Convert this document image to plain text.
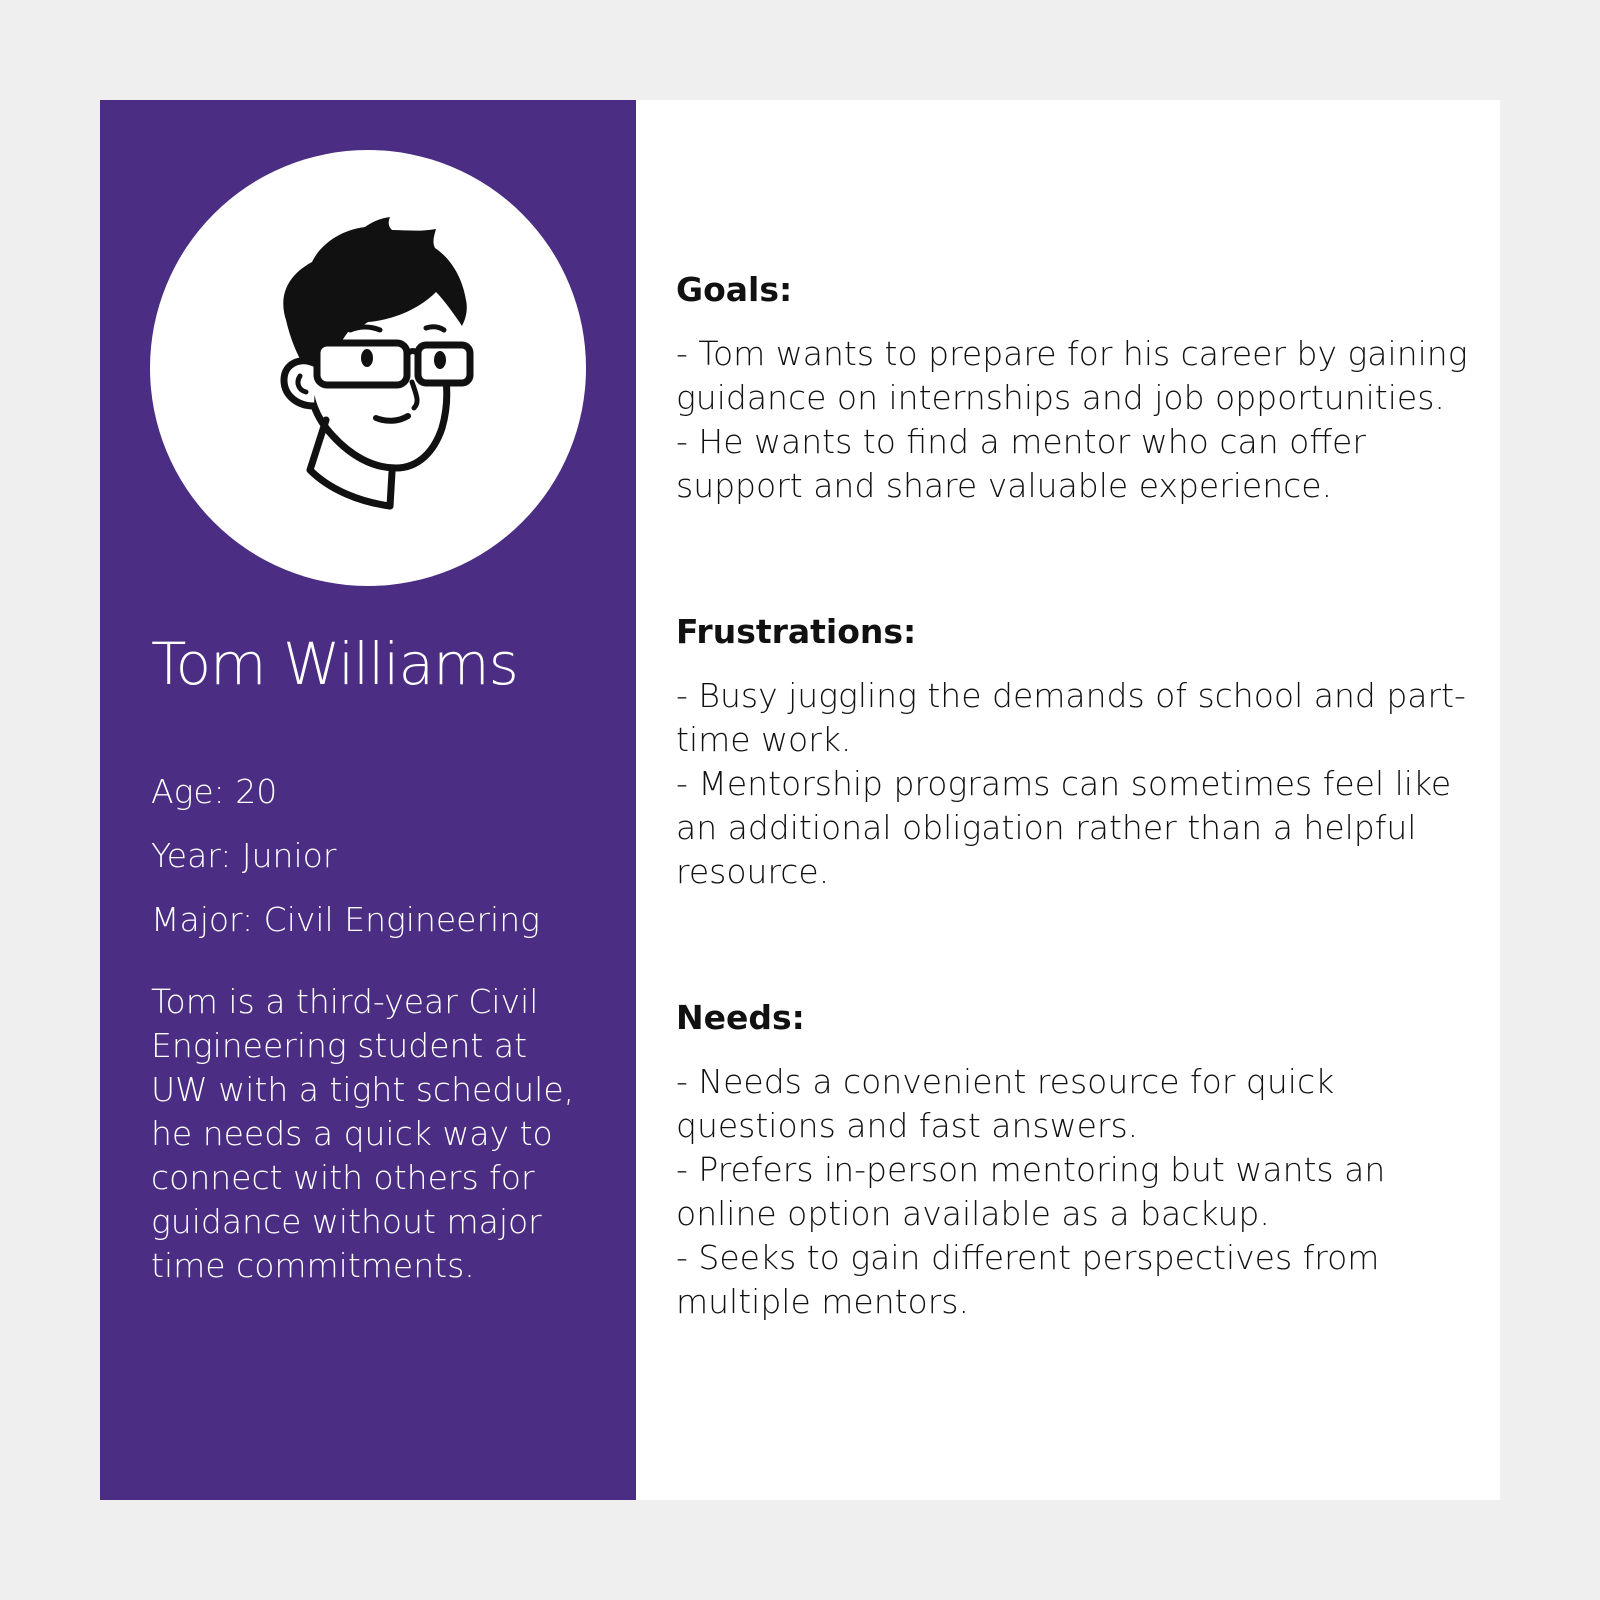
Tom Williams
Age: 20
Year: Junior
Major: Civil Engineering

Tom is a third-year Civil Engineering student at UW with a tight schedule, he needs a quick way to connect with others for guidance without major time commitments.

Goals:
- Tom wants to prepare for his career by gaining guidance on internships and job opportunities.
- He wants to find a mentor who can offer support and share valuable experience.
Frustrations:
- Busy juggling the demands of school and part-time work.
- Mentorship programs can sometimes feel like an additional obligation rather than a helpful resource.
Needs:
- Needs a convenient resource for quick questions and fast answers.
- Prefers in-person mentoring but wants an online option available as a backup.
- Seeks to gain different perspectives from multiple mentors.
